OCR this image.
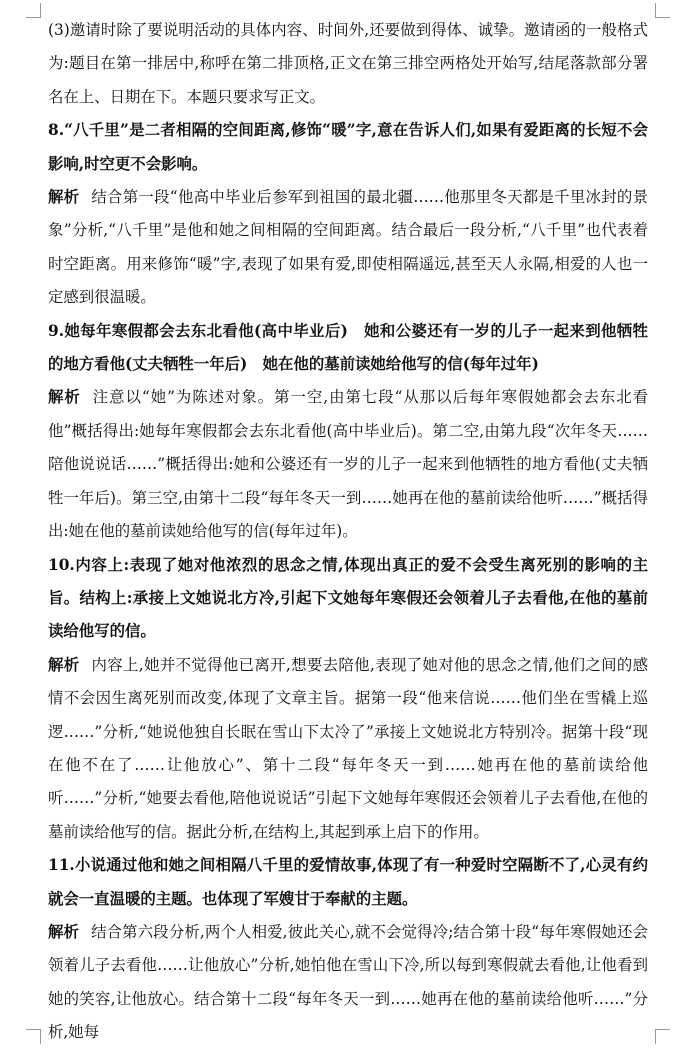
(3)邀请时除了要说明活动的具体内容、时间外,还要做到得体、诚挚。邀请函的一般格式为:题目在第一排居中,称呼在第二排顶格,正文在第三排空两格处开始写,结尾落款部分署名在上、日期在下。本题只要求写正文。

8.“八千里”是二者相隔的空间距离,修饰“暖”字,意在告诉人们,如果有爱距离的长短不会影响,时空更不会影响。

解析 结合第一段“他高中毕业后参军到祖国的最北疆……他那里冬天都是千里冰封的景象”分析,“八千里”是他和她之间相隔的空间距离。结合最后一段分析,“八千里”也代表着时空距离。用来修饰“暖”字,表现了如果有爱,即使相隔遥远,甚至天人永隔,相爱的人也一定感到很温暖。

9.她每年寒假都会去东北看他(高中毕业后)　她和公婆还有一岁的儿子一起来到他牺牲的地方看他(丈夫牺牲一年后)　她在他的墓前读她给他写的信(每年过年)

解析 注意以“她”为陈述对象。第一空,由第七段“从那以后每年寒假她都会去东北看他”概括得出:她每年寒假都会去东北看他(高中毕业后)。第二空,由第九段“次年冬天……陪他说说话……”概括得出:她和公婆还有一岁的儿子一起来到他牺牲的地方看他(丈夫牺牲一年后)。第三空,由第十二段“每年冬天一到……她再在他的墓前读给他听……”概括得出:她在他的墓前读她给他写的信(每年过年)。

10.内容上:表现了她对他浓烈的思念之情,体现出真正的爱不会受生离死别的影响的主旨。结构上:承接上文她说北方冷,引起下文她每年寒假还会领着儿子去看他,在他的墓前读给他写的信。

解析 内容上,她并不觉得他已离开,想要去陪他,表现了她对他的思念之情,他们之间的感情不会因生离死别而改变,体现了文章主旨。据第一段“他来信说……他们坐在雪橇上巡逻……”分析,“她说他独自长眠在雪山下太冷了”承接上文她说北方特别冷。据第十段“现在他不在了……让他放心”、第十二段“每年冬天一到……她再在他的墓前读给他听……”分析,“她要去看他,陪他说说话”引起下文她每年寒假还会领着儿子去看他,在他的墓前读给他写的信。据此分析,在结构上,其起到承上启下的作用。

11.小说通过他和她之间相隔八千里的爱情故事,体现了有一种爱时空隔断不了,心灵有约就会一直温暖的主题。也体现了军嫂甘于奉献的主题。

解析 结合第六段分析,两个人相爱,彼此关心,就不会觉得冷;结合第十段“每年寒假她还会领着儿子去看他……让他放心”分析,她怕他在雪山下冷,所以每到寒假就去看他,让他看到她的笑容,让他放心。结合第十二段“每年冬天一到……她再在他的墓前读给他听……”分析,她每
